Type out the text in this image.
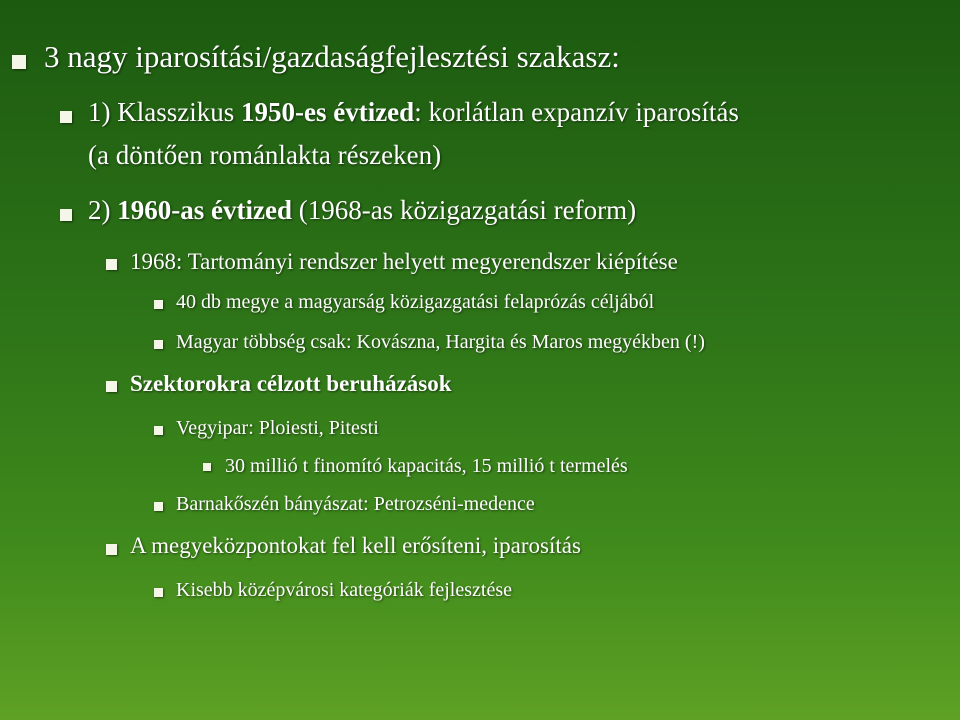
3 nagy iparosítási/gazdaságfejlesztési szakasz:
1) Klasszikus 1950-es évtized: korlátlan expanzív iparosítás
(a döntően románlakta részeken)
2) 1960-as évtized (1968-as közigazgatási reform)
1968: Tartományi rendszer helyett megyerendszer kiépítése
40 db megye a magyarság közigazgatási felaprózás céljából
Magyar többség csak: Kovászna, Hargita és Maros megyékben (!)
Szektorokra célzott beruházások
Vegyipar: Ploiesti, Pitesti
30 millió t finomító kapacitás, 15 millió t termelés
Barnakőszén bányászat: Petrozséni-medence
A megyeközpontokat fel kell erősíteni, iparosítás
Kisebb középvárosi kategóriák fejlesztése
